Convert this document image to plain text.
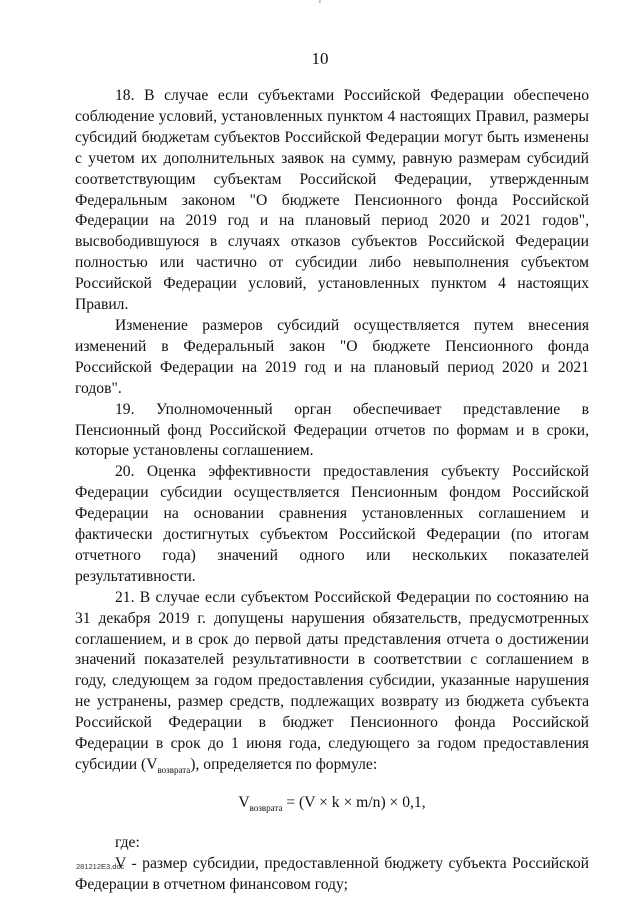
'
10

18. В случае если субъектами Российской Федерации обеспечено соблюдение условий, установленных пунктом 4 настоящих Правил, размеры субсидий бюджетам субъектов Российской Федерации могут быть изменены с учетом их дополнительных заявок на сумму, равную размерам субсидий соответствующим субъектам Российской Федерации, утвержденным Федеральным законом "О бюджете Пенсионного фонда Российской Федерации на 2019 год и на плановый период 2020 и 2021 годов", высвободившуюся в случаях отказов субъектов Российской Федерации полностью или частично от субсидии либо невыполнения субъектом Российской Федерации условий, установленных пунктом 4 настоящих Правил.

Изменение размеров субсидий осуществляется путем внесения изменений в Федеральный закон "О бюджете Пенсионного фонда Российской Федерации на 2019 год и на плановый период 2020 и 2021 годов".

19. Уполномоченный орган обеспечивает представление в Пенсионный фонд Российской Федерации отчетов по формам и в сроки, которые установлены соглашением.

20. Оценка эффективности предоставления субъекту Российской Федерации субсидии осуществляется Пенсионным фондом Российской Федерации на основании сравнения установленных соглашением и фактически достигнутых субъектом Российской Федерации (по итогам отчетного года) значений одного или нескольких показателей результативности.

21. В случае если субъектом Российской Федерации по состоянию на 31 декабря 2019 г. допущены нарушения обязательств, предусмотренных соглашением, и в срок до первой даты представления отчета о достижении значений показателей результативности в соответствии с соглашением в году, следующем за годом предоставления субсидии, указанные нарушения не устранены, размер средств, подлежащих возврату из бюджета субъекта Российской Федерации в бюджет Пенсионного фонда Российской Федерации в срок до 1 июня года, следующего за годом предоставления субсидии $(V_{возврата})$, определяется по формуле:

$V_{возврата} = (V \times k \times m/n) \times 0,1$,

где:

V - размер субсидии, предоставленной бюджету субъекта Российской Федерации в отчетном финансовом году;

281212E3.doc
